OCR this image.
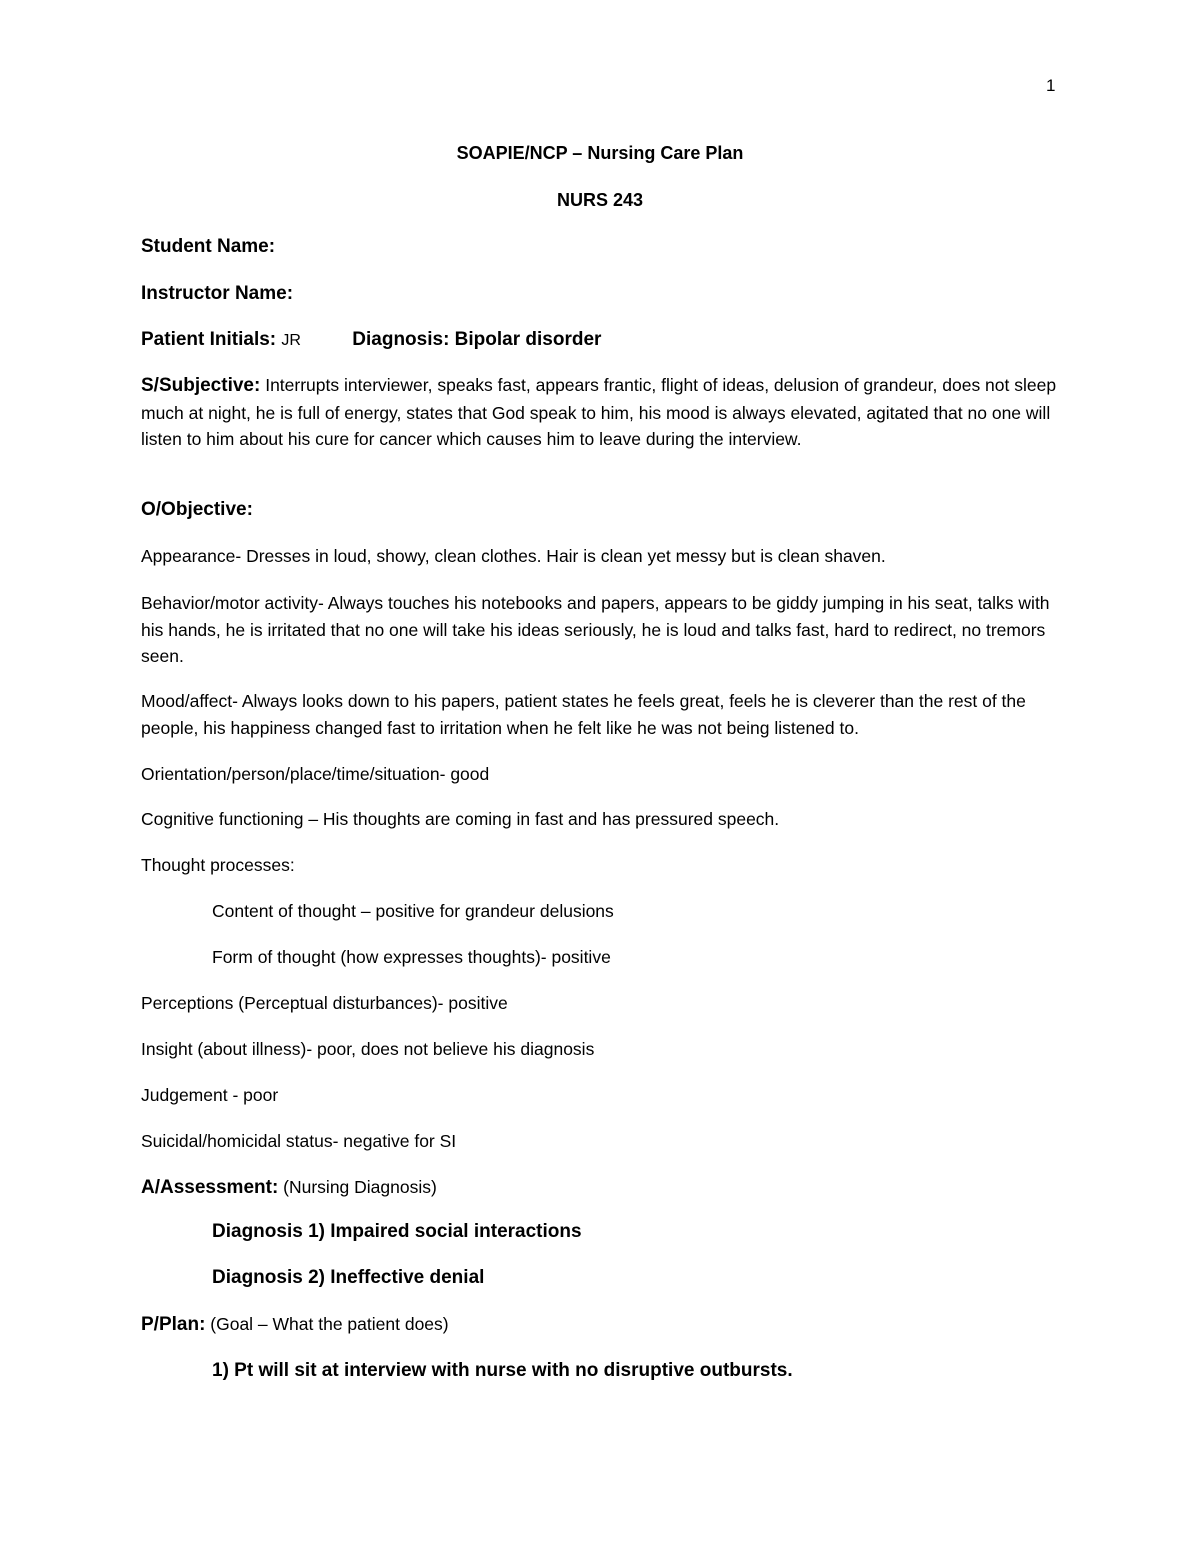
1
SOAPIE/NCP – Nursing Care Plan
NURS 243
Student Name:
Instructor Name:
Patient Initials: JR	Diagnosis: Bipolar disorder
S/Subjective: Interrupts interviewer, speaks fast, appears frantic, flight of ideas, delusion of grandeur, does not sleep much at night, he is full of energy, states that God speak to him, his mood is always elevated, agitated that no one will listen to him about his cure for cancer which causes him to leave during the interview.
O/Objective:
Appearance- Dresses in loud, showy, clean clothes. Hair is clean yet messy but is clean shaven.
Behavior/motor activity- Always touches his notebooks and papers, appears to be giddy jumping in his seat, talks with his hands, he is irritated that no one will take his ideas seriously, he is loud and talks fast, hard to redirect, no tremors seen.
Mood/affect- Always looks down to his papers, patient states he feels great, feels he is cleverer than the rest of the people, his happiness changed fast to irritation when he felt like he was not being listened to.
Orientation/person/place/time/situation- good
Cognitive functioning – His thoughts are coming in fast and has pressured speech.
Thought processes:
Content of thought – positive for grandeur delusions
Form of thought (how expresses thoughts)- positive
Perceptions (Perceptual disturbances)- positive
Insight (about illness)- poor, does not believe his diagnosis
Judgement - poor
Suicidal/homicidal status- negative for SI
A/Assessment: (Nursing Diagnosis)
Diagnosis 1) Impaired social interactions
Diagnosis 2) Ineffective denial
P/Plan: (Goal – What the patient does)
1) Pt will sit at interview with nurse with no disruptive outbursts.
